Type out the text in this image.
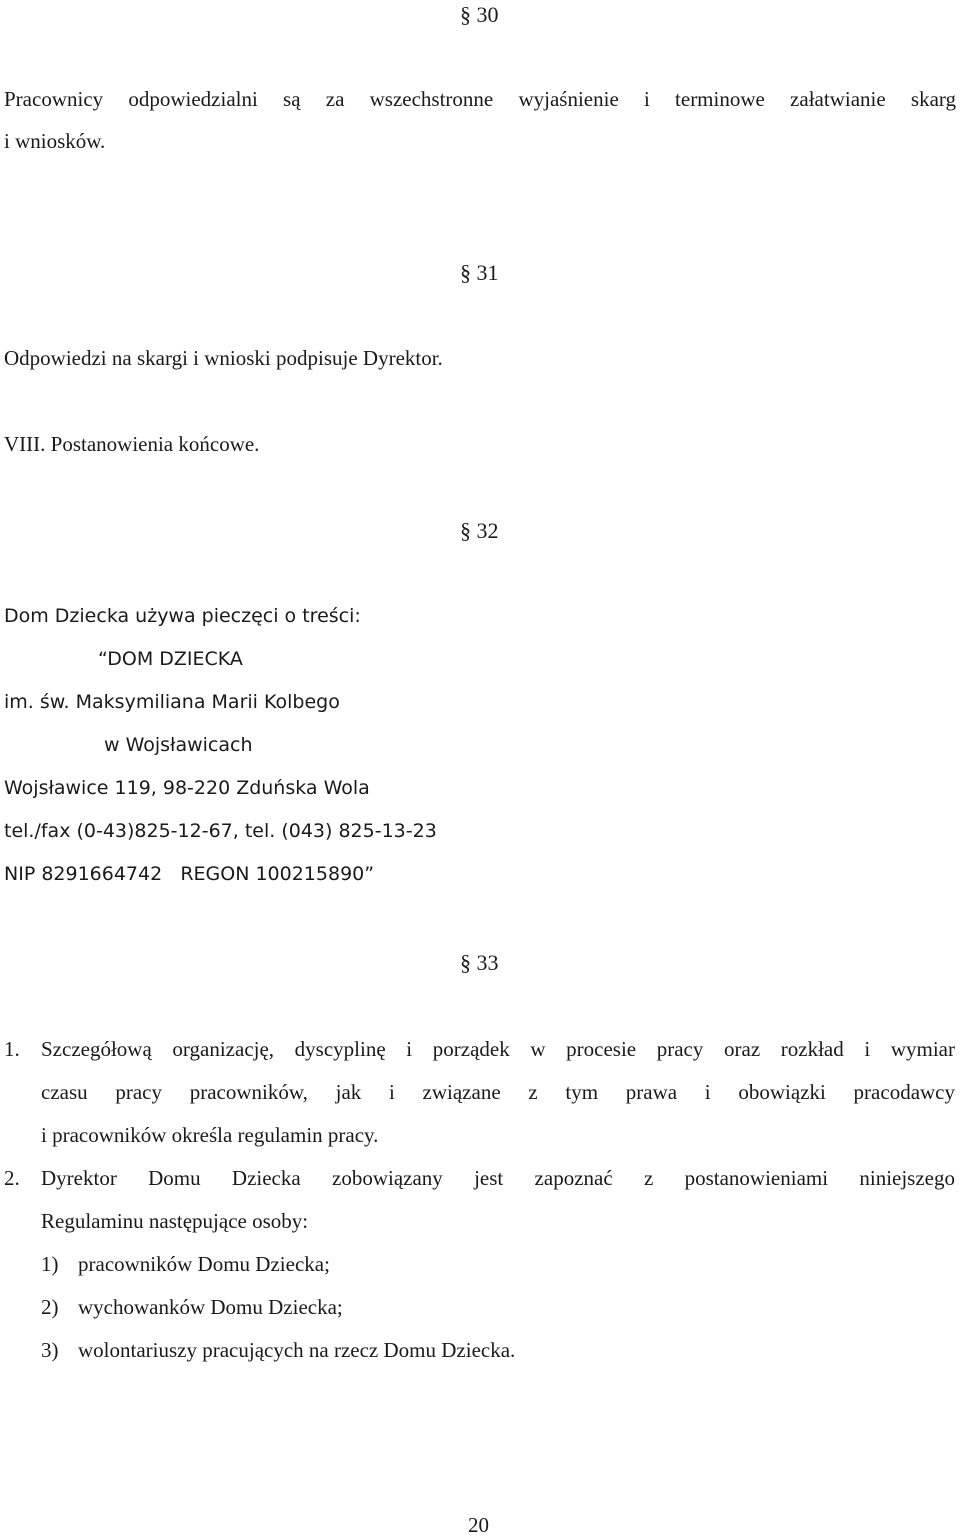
§ 30
Pracownicy odpowiedzialni są za wszechstronne wyjaśnienie i terminowe załatwianie skarg
i wniosków.
§ 31
Odpowiedzi na skargi i wnioski podpisuje Dyrektor.
VIII. Postanowienia końcowe.
§ 32
Dom Dziecka używa pieczęci o treści:
“DOM DZIECKA
im. św. Maksymiliana Marii Kolbego
w Wojsławicach
Wojsławice 119, 98-220 Zduńska Wola
tel./fax (0-43)825-12-67, tel. (043) 825-13-23
NIP 8291664742   REGON 100215890”
§ 33
1. Szczegółową organizację, dyscyplinę i porządek w procesie pracy oraz rozkład i wymiar
czasu pracy pracowników, jak i związane z tym prawa i obowiązki pracodawcy
i pracowników określa regulamin pracy.
2. Dyrektor Domu Dziecka zobowiązany jest zapoznać z postanowieniami niniejszego
Regulaminu następujące osoby:
1) pracowników Domu Dziecka;
2) wychowanków Domu Dziecka;
3) wolontariuszy pracujących na rzecz Domu Dziecka.
20
